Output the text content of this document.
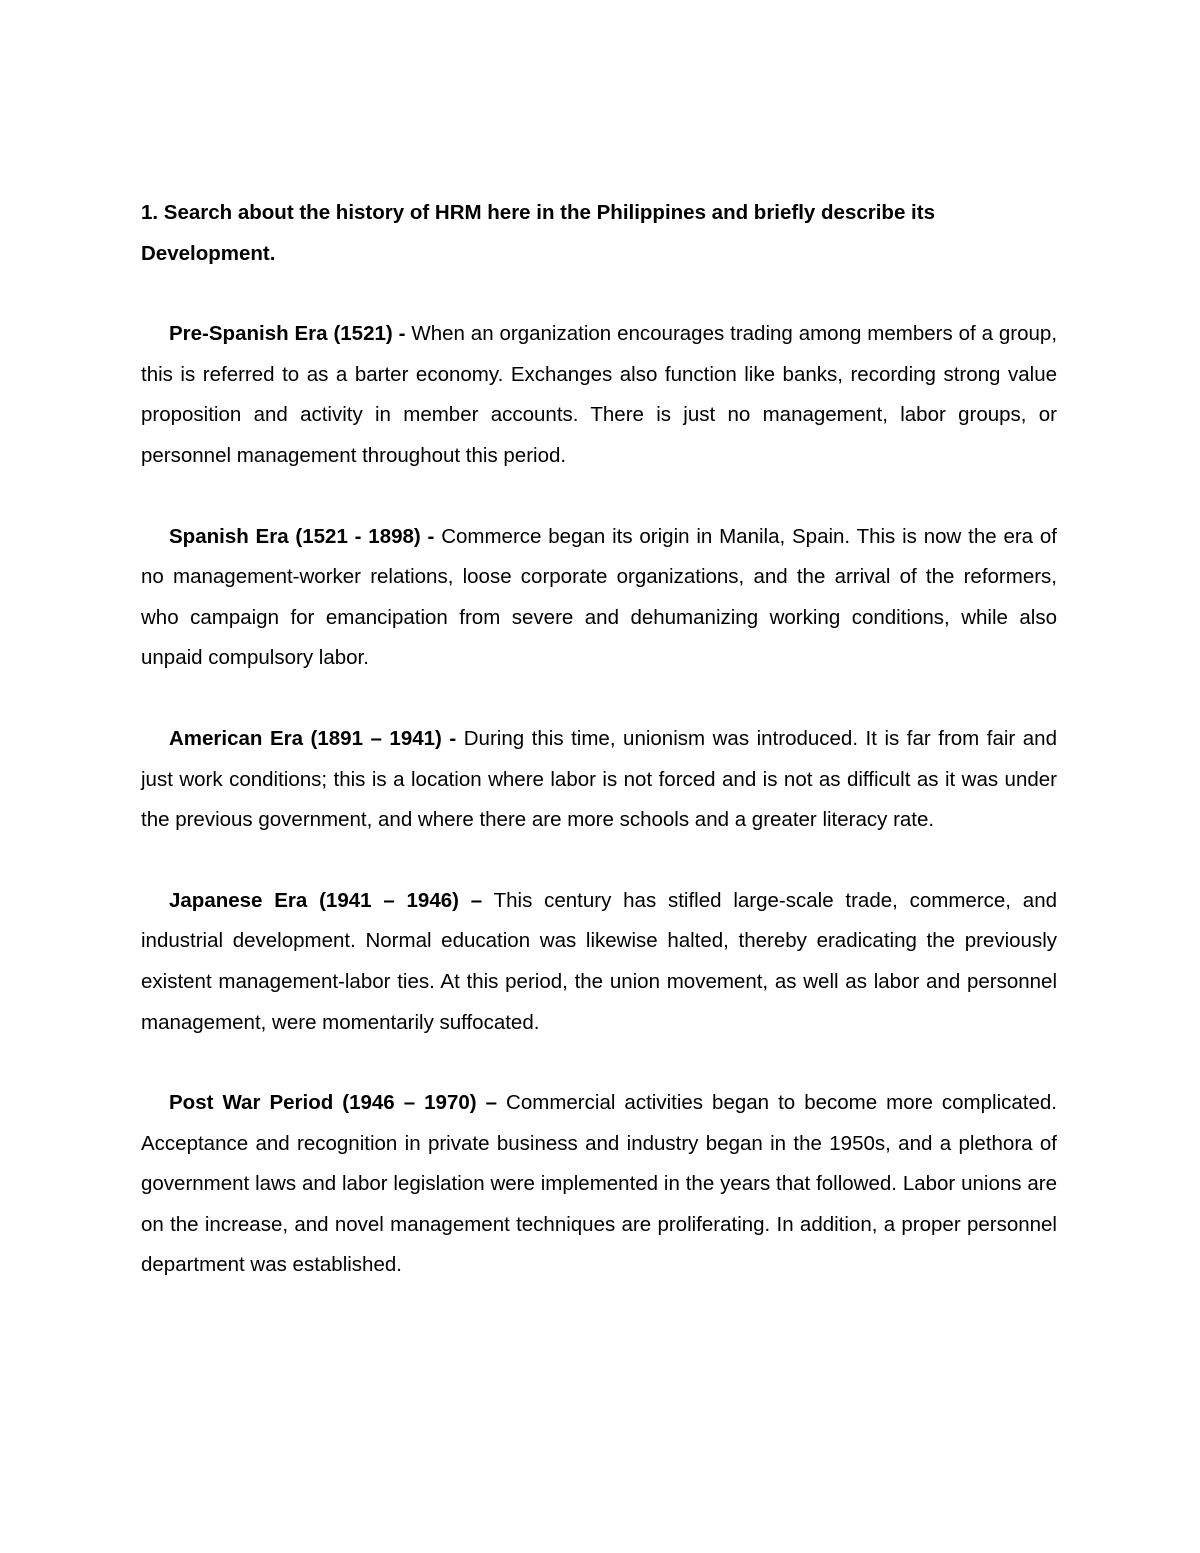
1. Search about the history of HRM here in the Philippines and briefly describe its Development.

Pre-Spanish Era (1521) - When an organization encourages trading among members of a group, this is referred to as a barter economy. Exchanges also function like banks, recording strong value proposition and activity in member accounts. There is just no management, labor groups, or personnel management throughout this period.

Spanish Era (1521 - 1898) - Commerce began its origin in Manila, Spain. This is now the era of no management-worker relations, loose corporate organizations, and the arrival of the reformers, who campaign for emancipation from severe and dehumanizing working conditions, while also unpaid compulsory labor.

American Era (1891 – 1941) - During this time, unionism was introduced. It is far from fair and just work conditions; this is a location where labor is not forced and is not as difficult as it was under the previous government, and where there are more schools and a greater literacy rate.

Japanese Era (1941 – 1946) – This century has stifled large-scale trade, commerce, and industrial development. Normal education was likewise halted, thereby eradicating the previously existent management-labor ties. At this period, the union movement, as well as labor and personnel management, were momentarily suffocated.

Post War Period (1946 – 1970) – Commercial activities began to become more complicated. Acceptance and recognition in private business and industry began in the 1950s, and a plethora of government laws and labor legislation were implemented in the years that followed. Labor unions are on the increase, and novel management techniques are proliferating. In addition, a proper personnel department was established.
